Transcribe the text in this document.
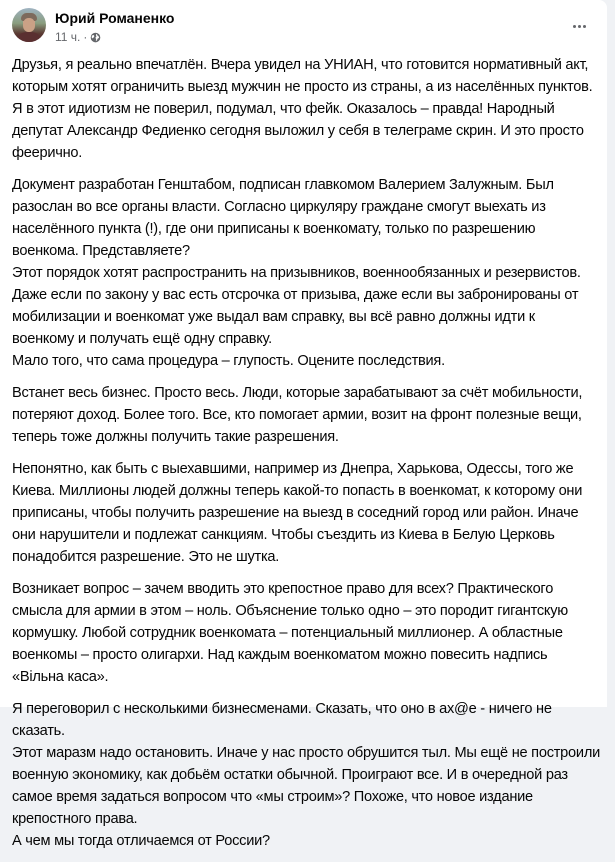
Юрий Романенко
11 ч. ·
Друзья, я реально впечатлён. Вчера увидел на УНИАН, что готовится нормативный акт,
которым хотят ограничить выезд мужчин не просто из страны, а из населённых пунктов.
Я в этот идиотизм не поверил, подумал, что фейк. Оказалось – правда! Народный
депутат Александр Федиенко сегодня выложил у себя в телеграме скрин. И это просто
феерично.
Документ разработан Генштабом, подписан главкомом Валерием Залужным. Был
разослан во все органы власти. Согласно циркуляру граждане смогут выехать из
населённого пункта (!), где они приписаны к военкомату, только по разрешению
военкома. Представляете?
Этот порядок хотят распространить на призывников, военнообязанных и резервистов.
Даже если по закону у вас есть отсрочка от призыва, даже если вы забронированы от
мобилизации и военкомат уже выдал вам справку, вы всё равно должны идти к
военкому и получать ещё одну справку.
Мало того, что сама процедура – глупость. Оцените последствия.
Встанет весь бизнес. Просто весь. Люди, которые зарабатывают за счёт мобильности,
потеряют доход. Более того. Все, кто помогает армии, возит на фронт полезные вещи,
теперь тоже должны получить такие разрешения.
Непонятно, как быть с выехавшими, например из Днепра, Харькова, Одессы, того же
Киева. Миллионы людей должны теперь какой-то попасть в военкомат, к которому они
приписаны, чтобы получить разрешение на выезд в соседний город или район. Иначе
они нарушители и подлежат санкциям. Чтобы съездить из Киева в Белую Церковь
понадобится разрешение. Это не шутка.
Возникает вопрос – зачем вводить это крепостное право для всех? Практического
смысла для армии в этом – ноль. Объяснение только одно – это породит гигантскую
кормушку. Любой сотрудник военкомата – потенциальный миллионер. А областные
военкомы – просто олигархи. Над каждым военкоматом можно повесить надпись
«Вільна каса».
Я переговорил с несколькими бизнесменами. Сказать, что оно в ах@е - ничего не
сказать.
Этот маразм надо остановить. Иначе у нас просто обрушится тыл. Мы ещё не построили
военную экономику, как добьём остатки обычной. Проиграют все. И в очередной раз
самое время задаться вопросом что «мы строим»? Похоже, что новое издание
крепостного права.
А чем мы тогда отличаемся от России?
